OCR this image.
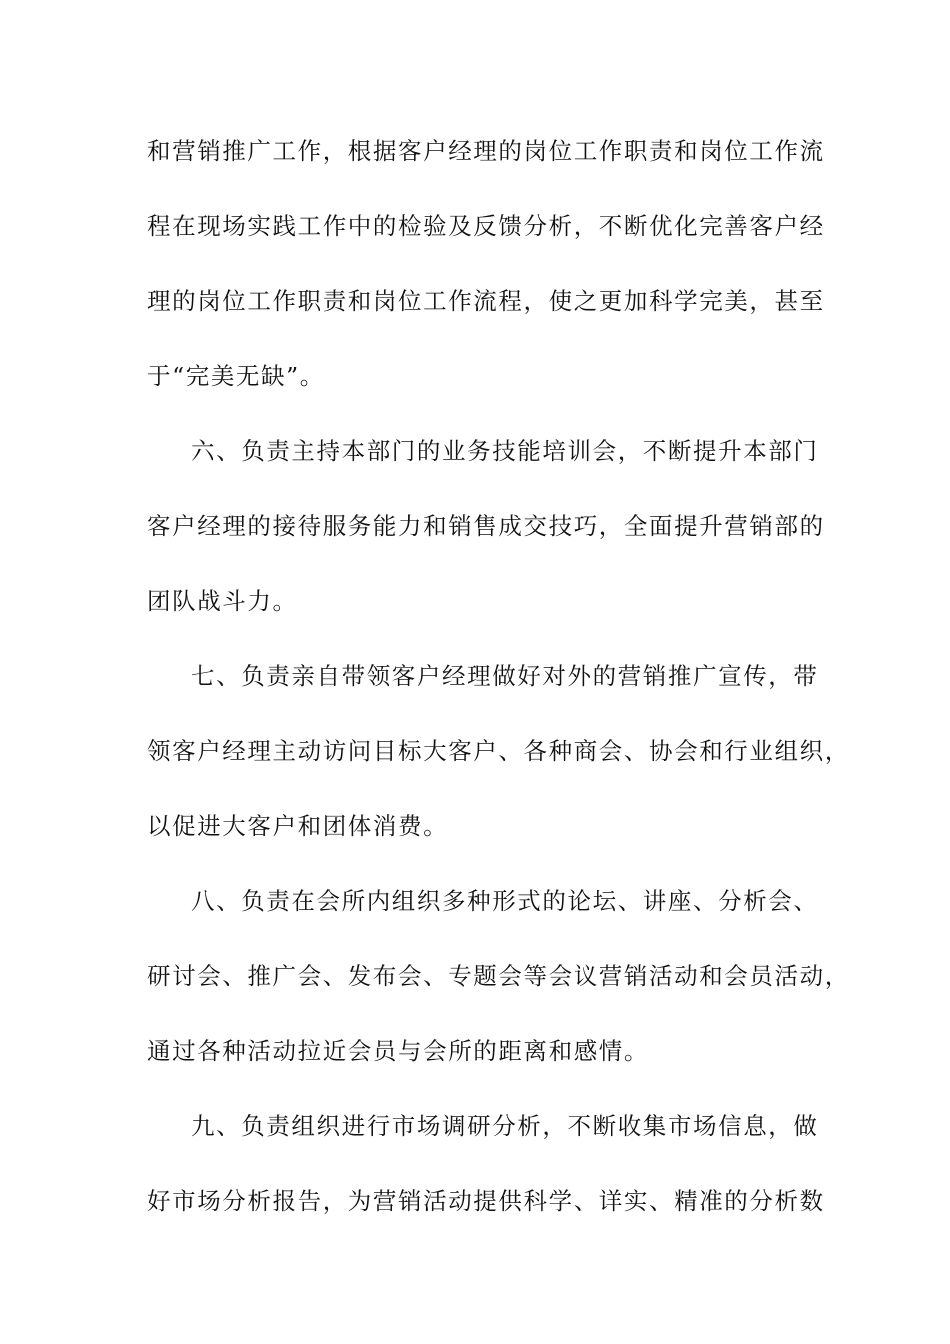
和营销推广工作，根据客户经理的岗位工作职责和岗位工作流
程在现场实践工作中的检验及反馈分析，不断优化完善客户经
理的岗位工作职责和岗位工作流程，使之更加科学完美，甚至
于“完美无缺”。
六、负责主持本部门的业务技能培训会，不断提升本部门
客户经理的接待服务能力和销售成交技巧，全面提升营销部的
团队战斗力。
七、负责亲自带领客户经理做好对外的营销推广宣传，带
领客户经理主动访问目标大客户、各种商会、协会和行业组织，
以促进大客户和团体消费。
八、负责在会所内组织多种形式的论坛、讲座、分析会、
研讨会、推广会、发布会、专题会等会议营销活动和会员活动，
通过各种活动拉近会员与会所的距离和感情。
九、负责组织进行市场调研分析，不断收集市场信息，做
好市场分析报告，为营销活动提供科学、详实、精准的分析数
